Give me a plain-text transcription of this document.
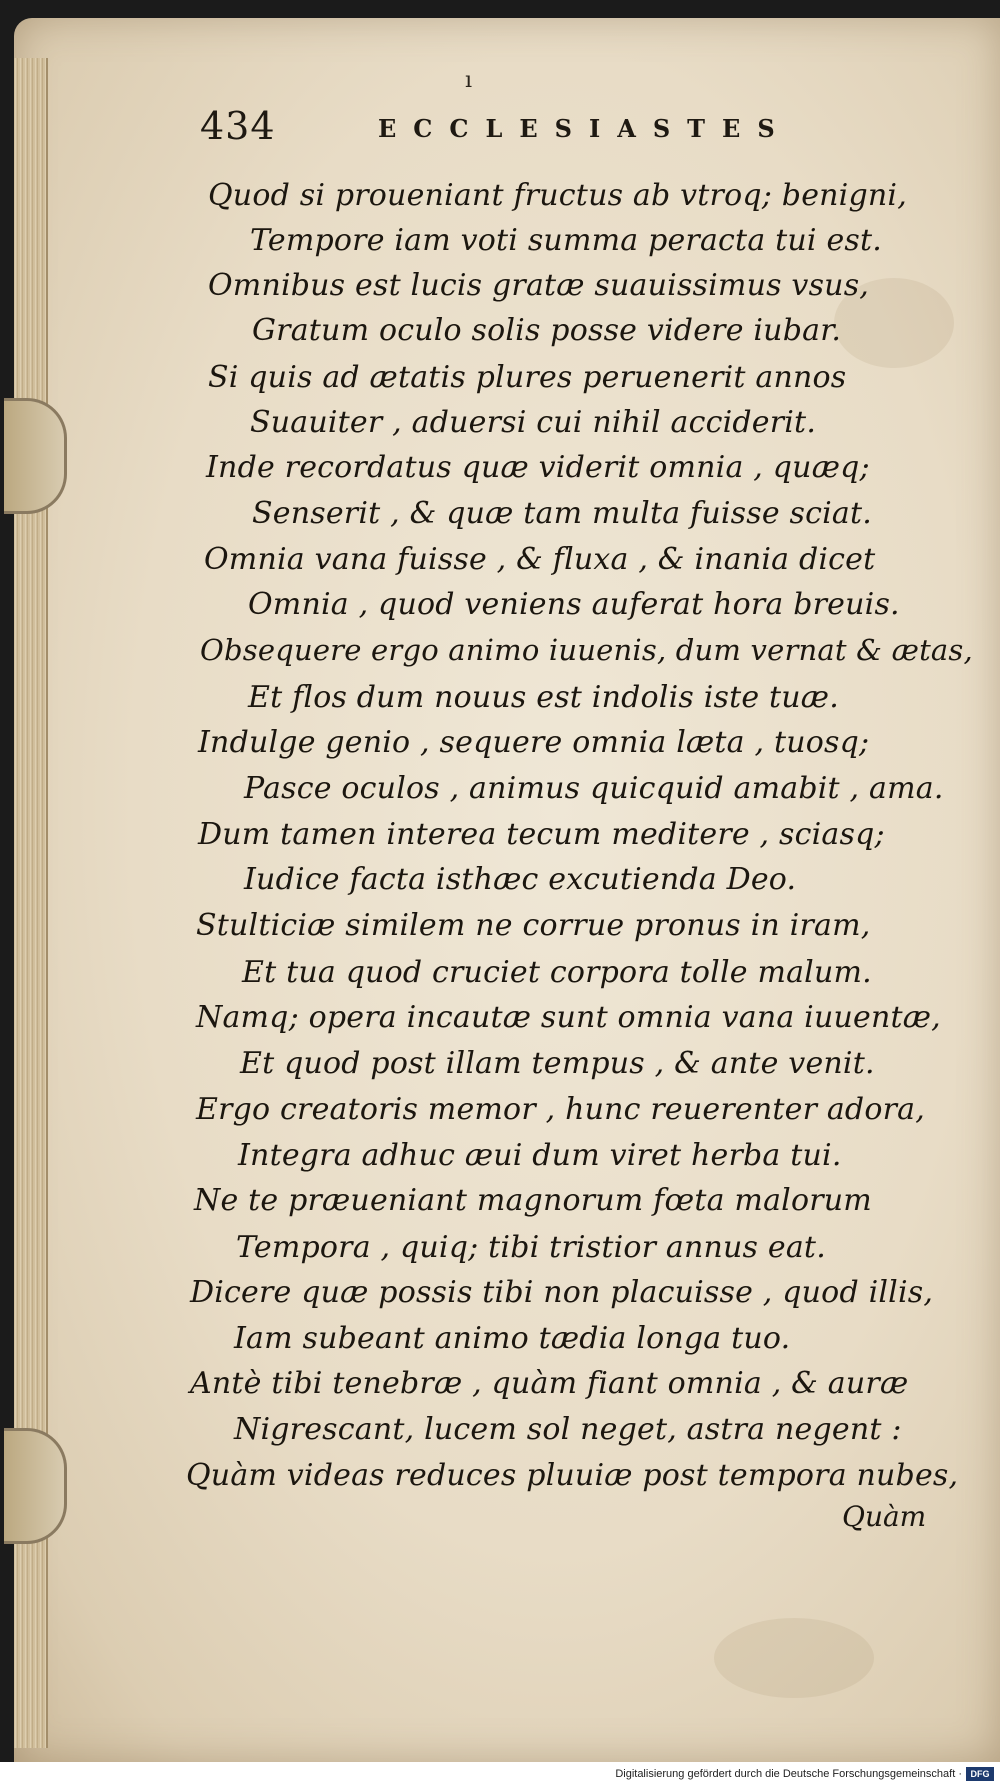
ı
434	ECCLESIASTES
Quod si proueniant fructus ab vtroq; benigni,
Tempore iam voti summa peracta tui est.
Omnibus est lucis gratæ suauissimus vsus,
Gratum oculo solis posse videre iubar.
Si quis ad ætatis plures peruenerit annos
Suauiter , aduersi cui nihil acciderit.
Inde recordatus quæ viderit omnia , quæq;
Senserit , & quæ tam multa fuisse sciat.
Omnia vana fuisse , & fluxa , & inania dicet
Omnia , quod veniens auferat hora breuis.
Obsequere ergo animo iuuenis, dum vernat & ætas,
Et flos dum nouus est indolis iste tuæ.
Indulge genio , sequere omnia læta , tuosq;
Pasce oculos , animus quicquid amabit , ama.
Dum tamen interea tecum meditere , sciasq;
Iudice facta isthæc excutienda Deo.
Stulticiæ similem ne corrue pronus in iram,
Et tua quod cruciet corpora tolle malum.
Namq; opera incautæ sunt omnia vana iuuentæ,
Et quod post illam tempus , & ante venit.
Ergo creatoris memor , hunc reuerenter adora,
Integra adhuc æui dum viret herba tui.
Ne te præueniant magnorum fœta malorum
Tempora , quiq; tibi tristior annus eat.
Dicere quæ possis tibi non placuisse , quod illis,
Iam subeant animo tædia longa tuo.
Antè tibi tenebræ , quàm fiant omnia , & auræ
Nigrescant, lucem sol neget, astra negent :
Quàm videas reduces pluuiæ post tempora nubes,
Quàm
Digitalisierung gefördert durch die Deutsche Forschungsgemeinschaft · DFG
